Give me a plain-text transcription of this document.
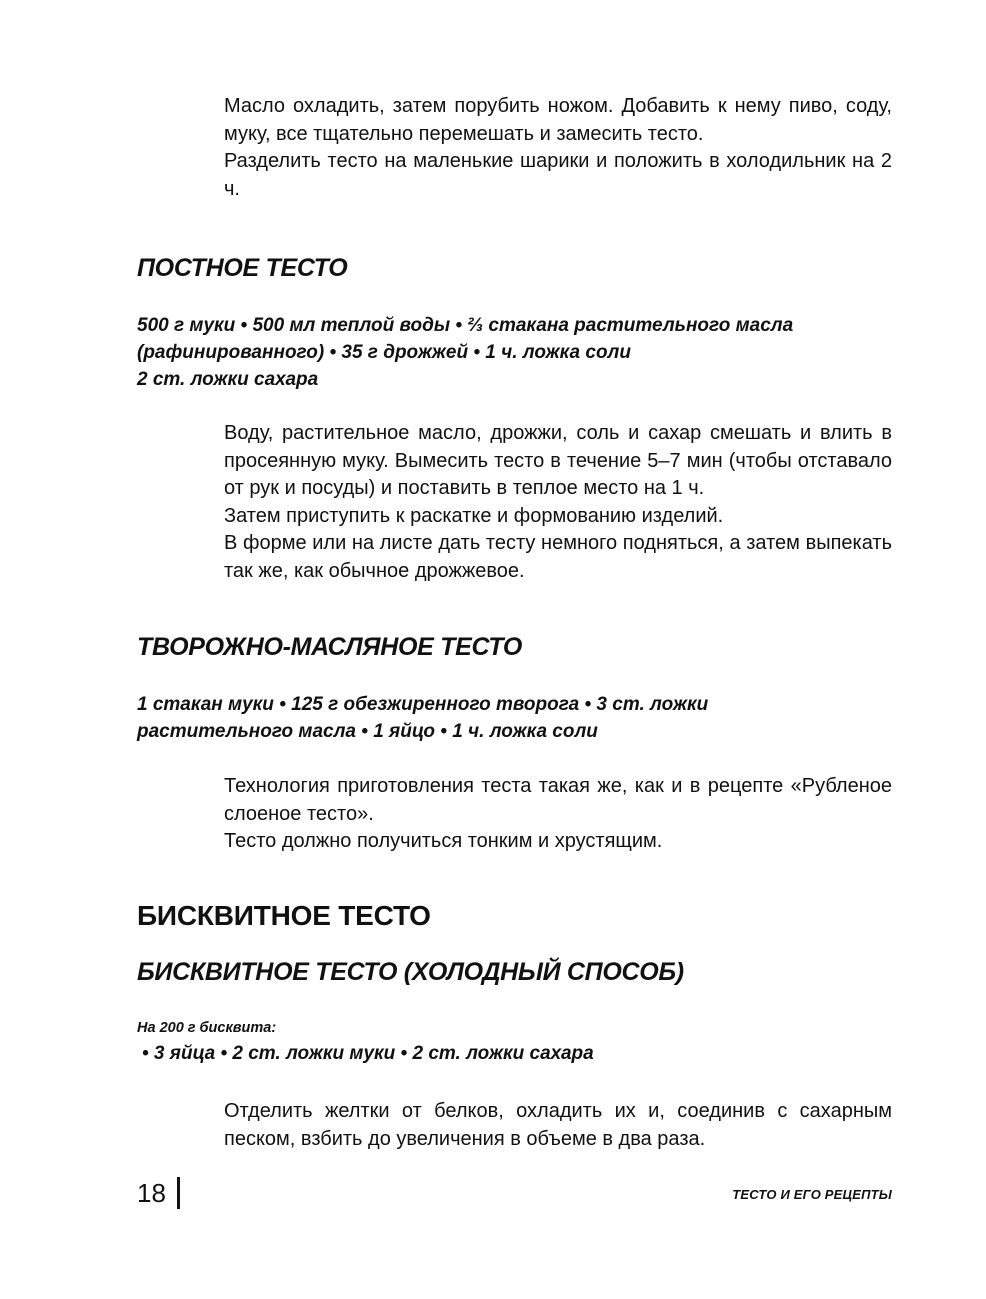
Масло охладить, затем порубить ножом. Добавить к нему пиво, соду, муку, все тщательно перемешать и замесить тесто.

Разделить тесто на маленькие шарики и положить в холодильник на 2 ч.

ПОСТНОЕ ТЕСТО

500 г муки • 500 мл теплой воды • ⅔ стакана растительного масла

(рафинированного) • 35 г дрожжей • 1 ч. ложка соли

2 ст. ложки сахара

Воду, растительное масло, дрожжи, соль и сахар смешать и влить в просеянную муку. Вымесить тесто в течение 5–7 мин (чтобы отставало от рук и посуды) и поставить в теплое место на 1 ч.

Затем приступить к раскатке и формованию изделий.

В форме или на листе дать тесту немного подняться, а затем выпекать так же, как обычное дрожжевое.

ТВОРОЖНО-МАСЛЯНОЕ ТЕСТО

1 стакан муки • 125 г обезжиренного творога • 3 ст. ложки

растительного масла • 1 яйцо • 1 ч. ложка соли

Технология приготовления теста такая же, как и в рецепте «Рубленое слоеное тесто».

Тесто должно получиться тонким и хрустящим.

БИСКВИТНОЕ ТЕСТО
БИСКВИТНОЕ ТЕСТО (ХОЛОДНЫЙ СПОСОБ)
На 200 г бисквита:
• 3 яйца • 2 ст. ложки муки • 2 ст. ложки сахара

Отделить желтки от белков, охладить их и, соединив с сахарным песком, взбить до увеличения в объеме в два раза.

18	ТЕСТО И ЕГО РЕЦЕПТЫ
